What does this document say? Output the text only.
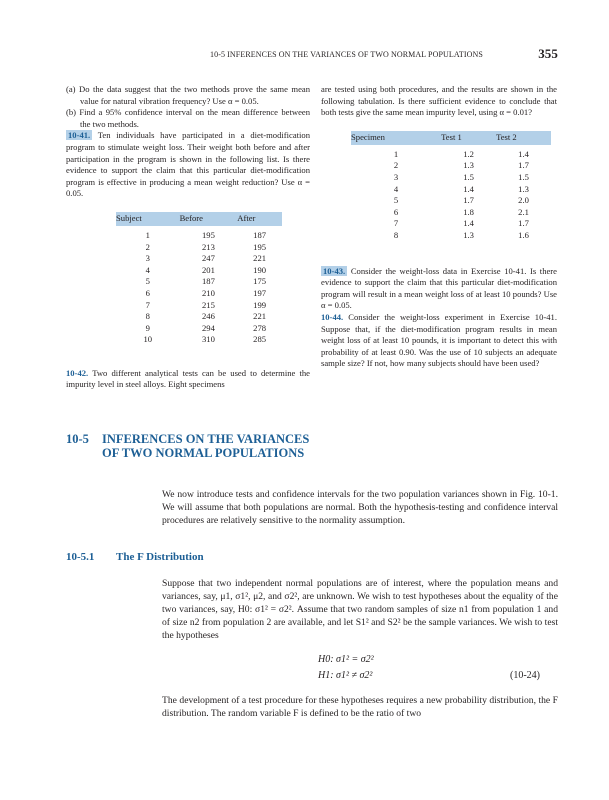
10-5 INFERENCES ON THE VARIANCES OF TWO NORMAL POPULATIONS	355

(a) Do the data suggest that the two methods prove the same mean value for natural vibration frequency? Use α = 0.05.

(b) Find a 95% confidence interval on the mean difference between the two methods.

10-41. Ten individuals have participated in a diet-modification program to stimulate weight loss. Their weight both before and after participation in the program is shown in the following list. Is there evidence to support the claim that this particular diet-modification program is effective in producing a mean weight reduction? Use α = 0.05.

Subject	Before	After

1	195	187
2	213	195
3	247	221
4	201	190
5	187	175
6	210	197
7	215	199
8	246	221
9	294	278
10	310	285

10-42. Two different analytical tests can be used to determine the impurity level in steel alloys. Eight specimens

are tested using both procedures, and the results are shown in the following tabulation. Is there sufficient evidence to conclude that both tests give the same mean impurity level, using α = 0.01?

Specimen	Test 1	Test 2

1	1.2	1.4
2	1.3	1.7
3	1.5	1.5
4	1.4	1.3
5	1.7	2.0
6	1.8	2.1
7	1.4	1.7
8	1.3	1.6

10-43. Consider the weight-loss data in Exercise 10-41. Is there evidence to support the claim that this particular diet-modification program will result in a mean weight loss of at least 10 pounds? Use α = 0.05.

10-44. Consider the weight-loss experiment in Exercise 10-41. Suppose that, if the diet-modification program results in mean weight loss of at least 10 pounds, it is important to detect this with probability of at least 0.90. Was the use of 10 subjects an adequate sample size? If not, how many subjects should have been used?

10-5 INFERENCES ON THE VARIANCES
OF TWO NORMAL POPULATIONS

We now introduce tests and confidence intervals for the two population variances shown in Fig. 10-1. We will assume that both populations are normal. Both the hypothesis-testing and confidence interval procedures are relatively sensitive to the normality assumption.

10-5.1 The F Distribution

Suppose that two independent normal populations are of interest, where the population means and variances, say, μ1, σ1², μ2, and σ2², are unknown. We wish to test hypotheses about the equality of the two variances, say, H0: σ1² = σ2². Assume that two random samples of size n1 from population 1 and of size n2 from population 2 are available, and let S1² and S2² be the sample variances. We wish to test the hypotheses

H0: σ1² = σ2²
H1: σ1² ≠ σ2²	(10-24)

The development of a test procedure for these hypotheses requires a new probability distribution, the F distribution. The random variable F is defined to be the ratio of two
